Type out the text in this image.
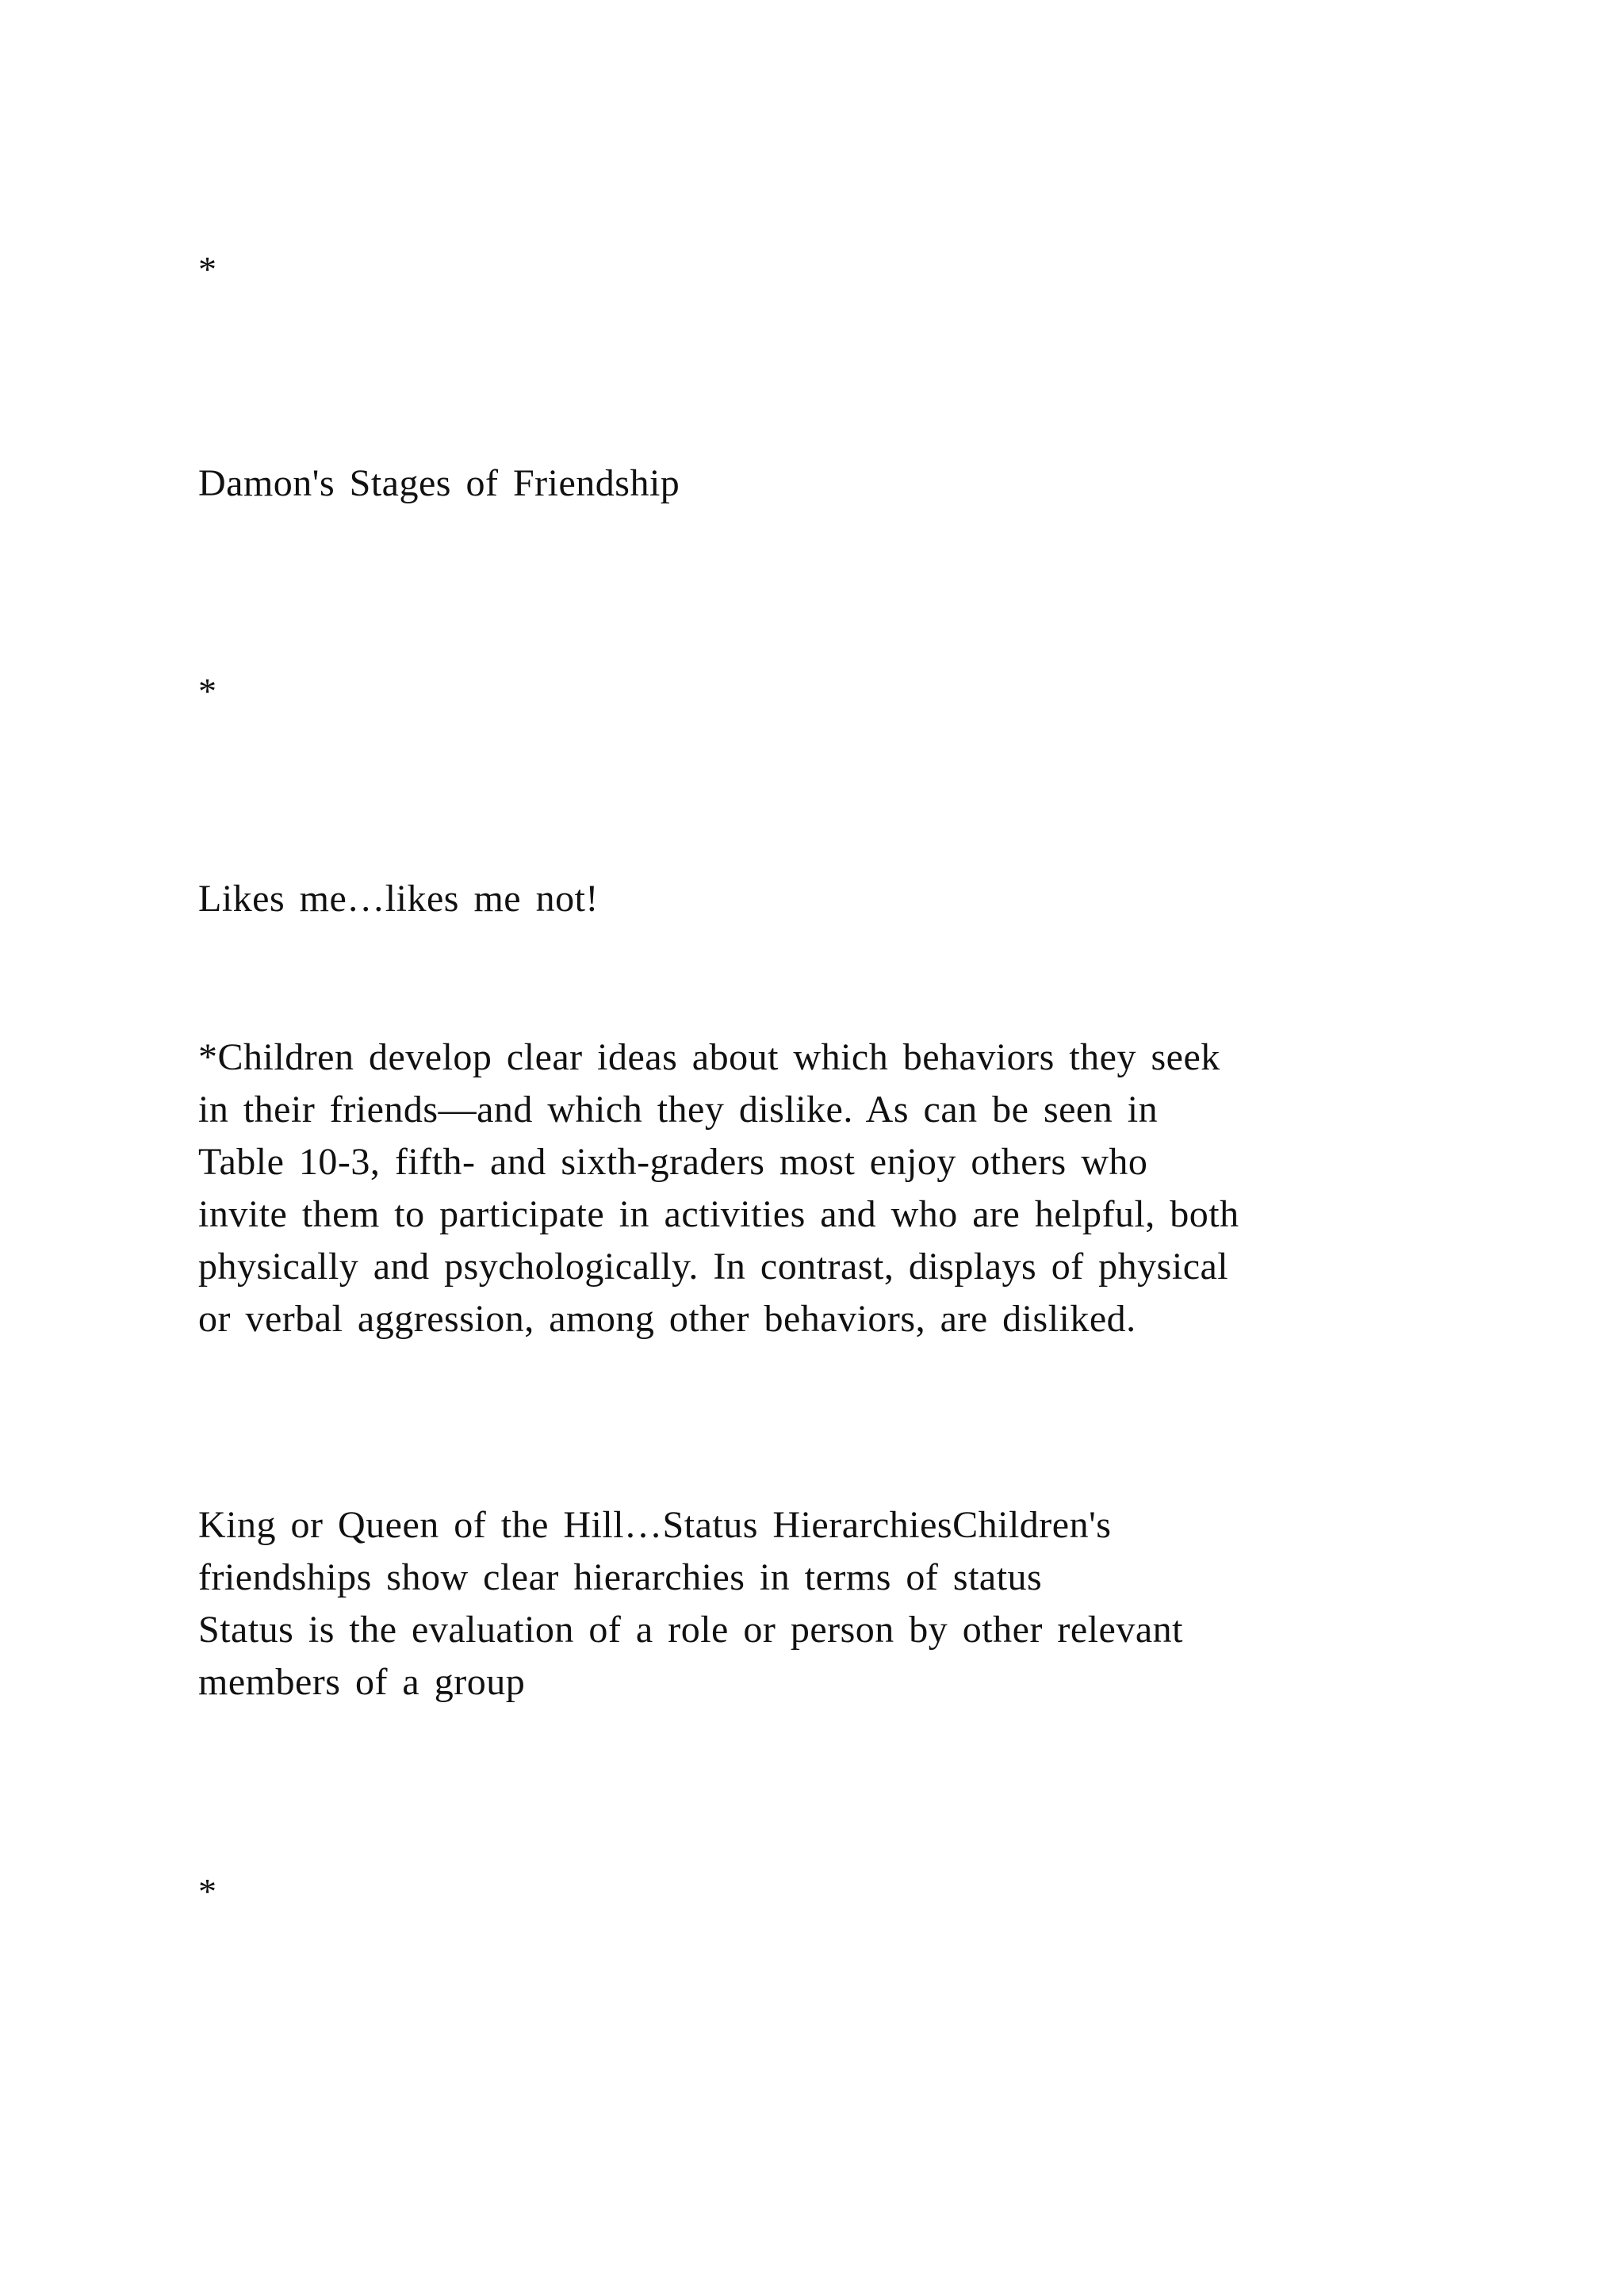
*
Damon's Stages of Friendship
*
Likes me…likes me not!
*Children develop clear ideas about which behaviors they seek
in their friends—and which they dislike. As can be seen in
Table 10-3, fifth- and sixth-graders most enjoy others who
invite them to participate in activities and who are helpful, both
physically and psychologically. In contrast, displays of physical
or verbal aggression, among other behaviors, are disliked.
King or Queen of the Hill…Status HierarchiesChildren's
friendships show clear hierarchies in terms of status
Status is the evaluation of a role or person by other relevant
members of a group
*
